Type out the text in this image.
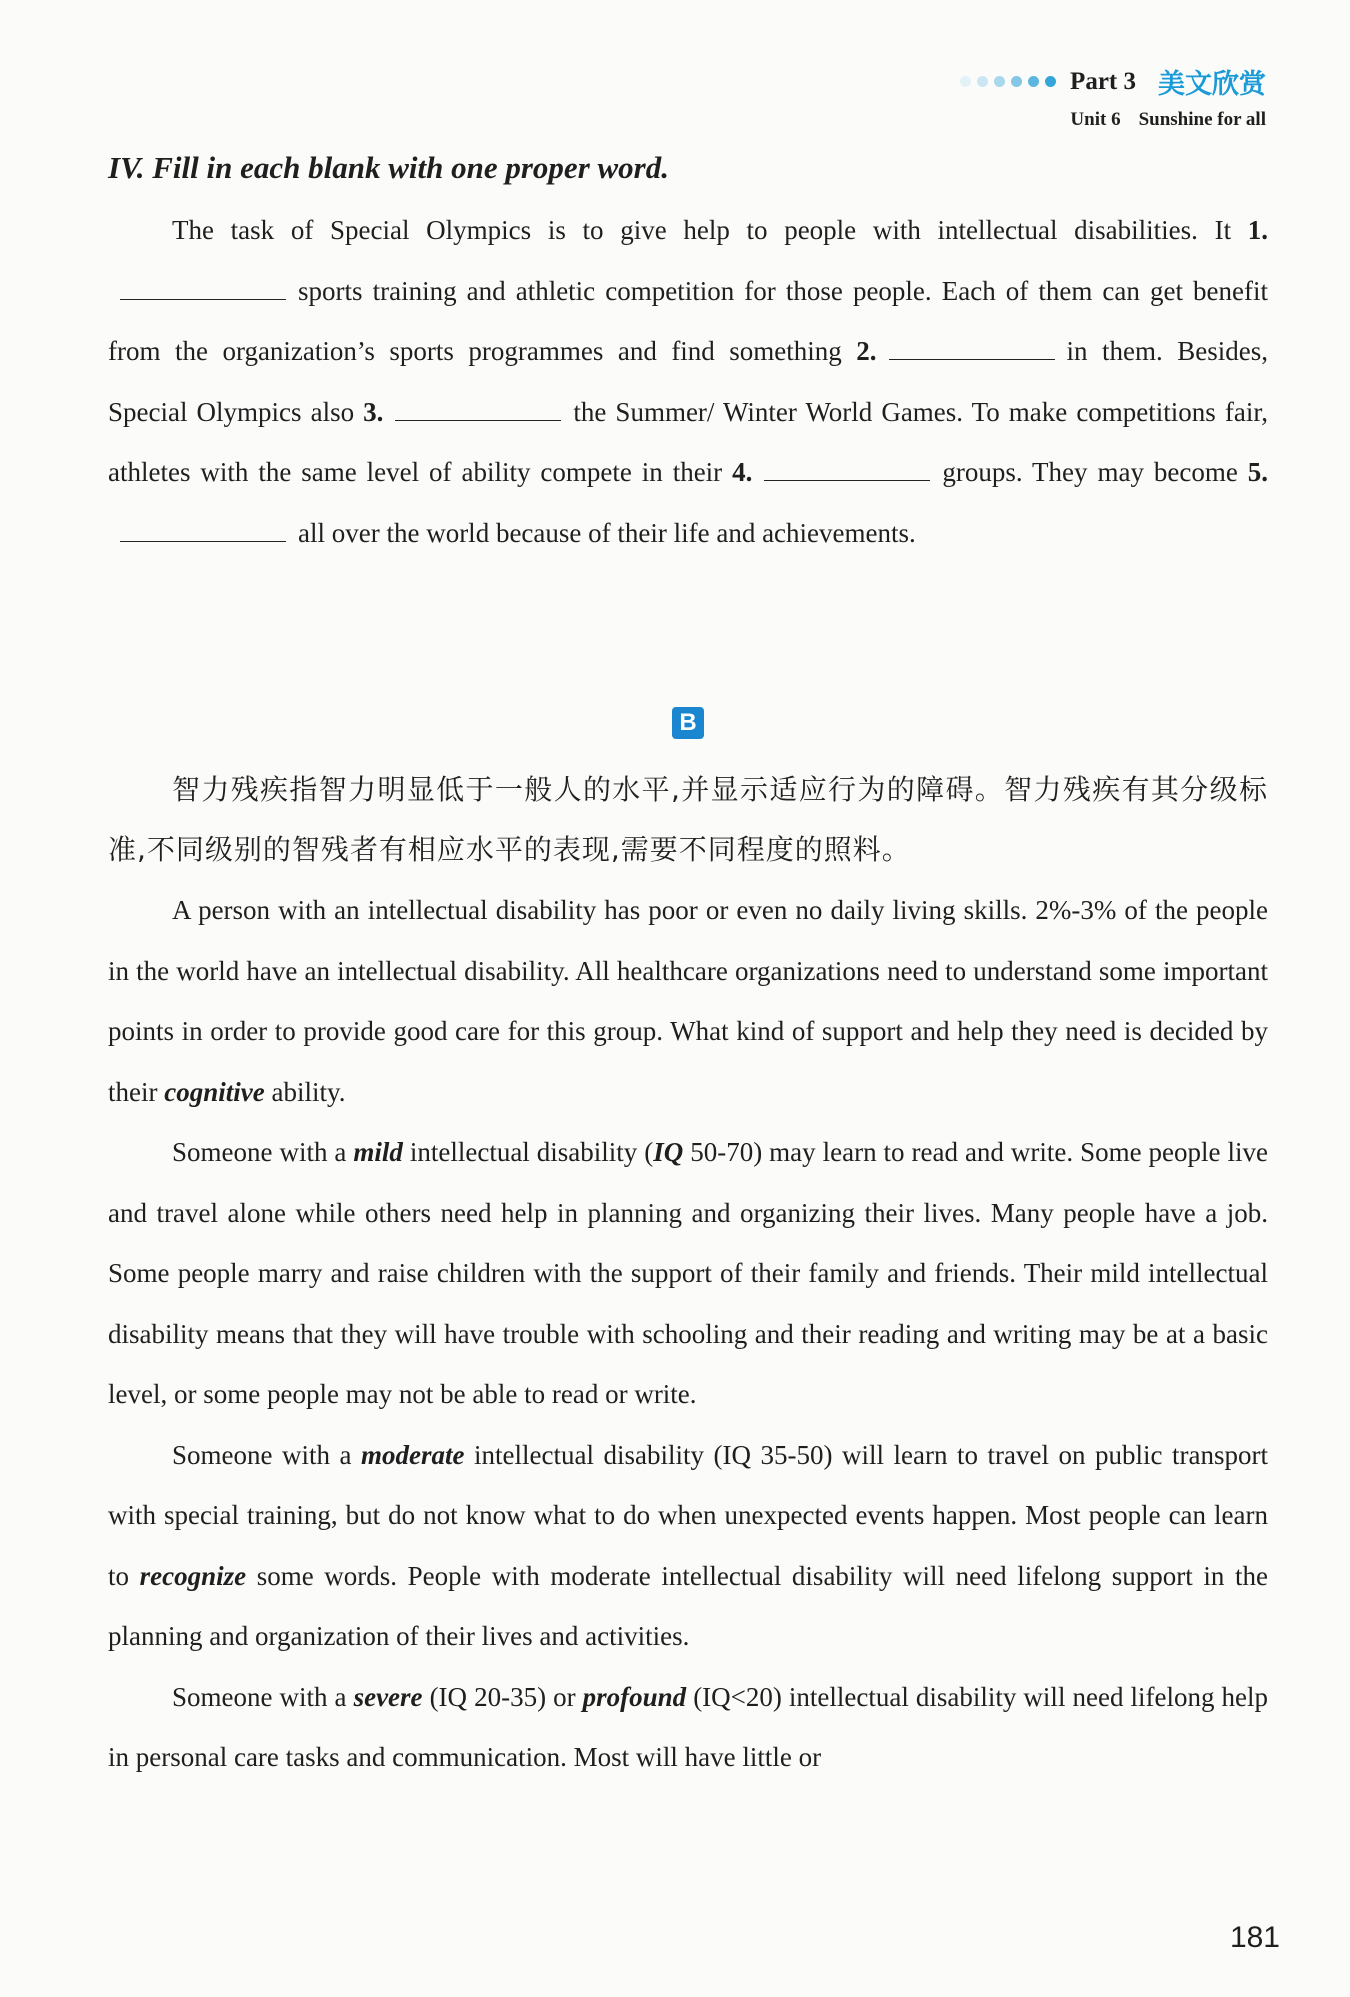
Part 3 美文欣赏
Unit 6 Sunshine for all
IV. Fill in each blank with one proper word.

The task of Special Olympics is to give help to people with intellectual disabilities. It 1.sports training and athletic competition for those people. Each of them can get benefit from the organization’s sports programmes and find something 2.	in them. Besides, Special Olympics also 3.	the Summer/ Winter World Games. To make competitions fair, athletes with the same level of ability compete in their 4.	groups. They may become 5.all over the world because of their life and achievements.

B

智力残疾指智力明显低于一般人的水平,并显示适应行为的障碍。智力残疾有其分级标准,不同级别的智残者有相应水平的表现,需要不同程度的照料。

A person with an intellectual disability has poor or even no daily living skills. 2%-3% of the people in the world have an intellectual disability. All healthcare organizations need to understand some important points in order to provide good care for this group. What kind of support and help they need is decided by their cognitive ability.

Someone with a mild intellectual disability (IQ 50-70) may learn to read and write. Some people live and travel alone while others need help in planning and organizing their lives. Many people have a job. Some people marry and raise children with the support of their family and friends. Their mild intellectual disability means that they will have trouble with schooling and their reading and writing may be at a basic level, or some people may not be able to read or write.

Someone with a moderate intellectual disability (IQ 35-50) will learn to travel on public transport with special training, but do not know what to do when unexpected events happen. Most people can learn to recognize some words. People with moderate intellectual disability will need lifelong support in the planning and organization of their lives and activities.

Someone with a severe (IQ 20-35) or profound (IQ<20) intellectual disability will need lifelong help in personal care tasks and communication. Most will have little or

181
